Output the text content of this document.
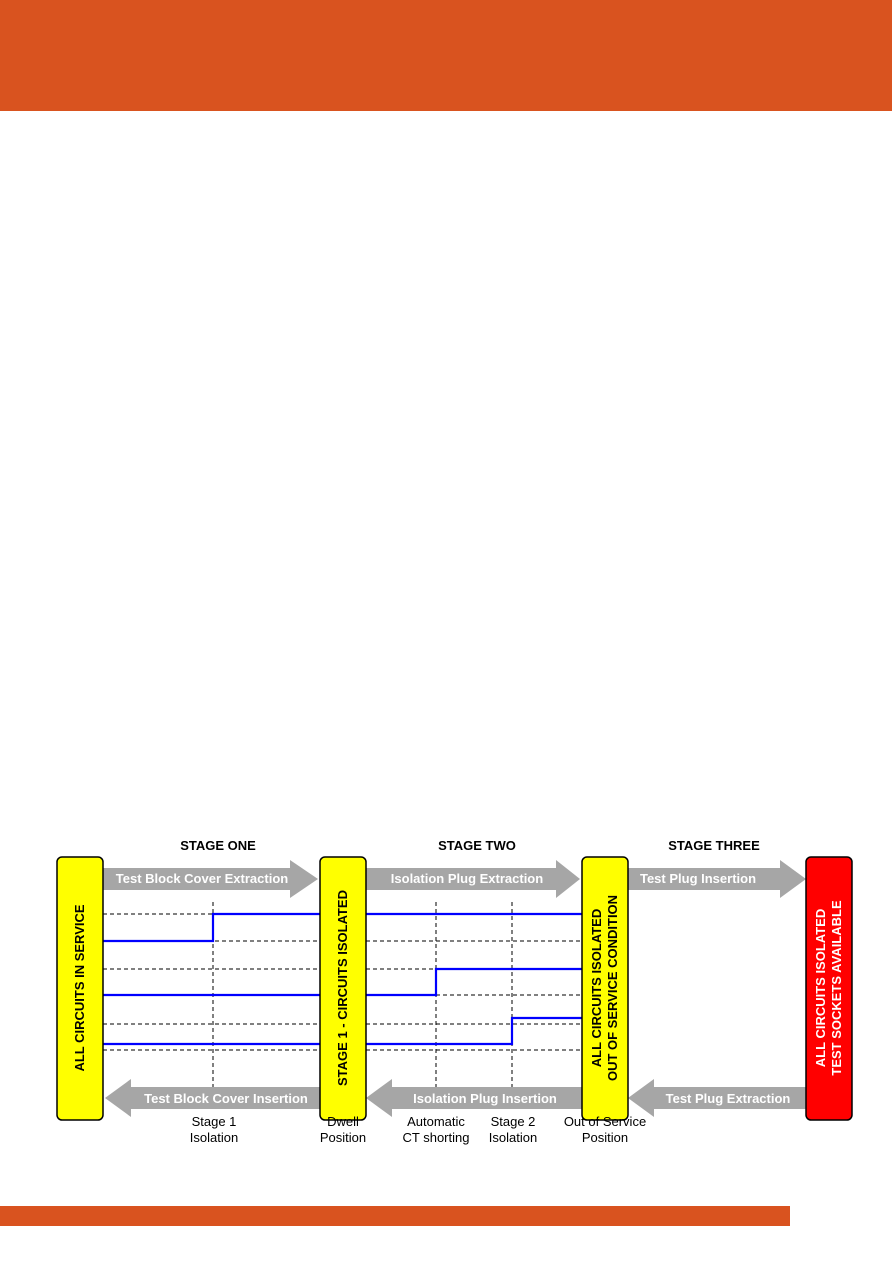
STAGE ONE	STAGE TWO	STAGE THREE
Test Block Cover Extraction	Isolation Plug Extraction	Test Plug Insertion
Test Block Cover Insertion	Isolation Plug Insertion	Test Plug Extraction
ALL CIRCUITS IN SERVICE	STAGE 1 - CIRCUITS ISOLATED	ALL CIRCUITS ISOLATED OUT OF SERVICE CONDITION	ALL CIRCUITS ISOLATED TEST SOCKETS AVAILABLE
Stage 1
Isolation
Dwell
Position
Automatic
CT shorting
Stage 2
Isolation
Out of Service
Position
